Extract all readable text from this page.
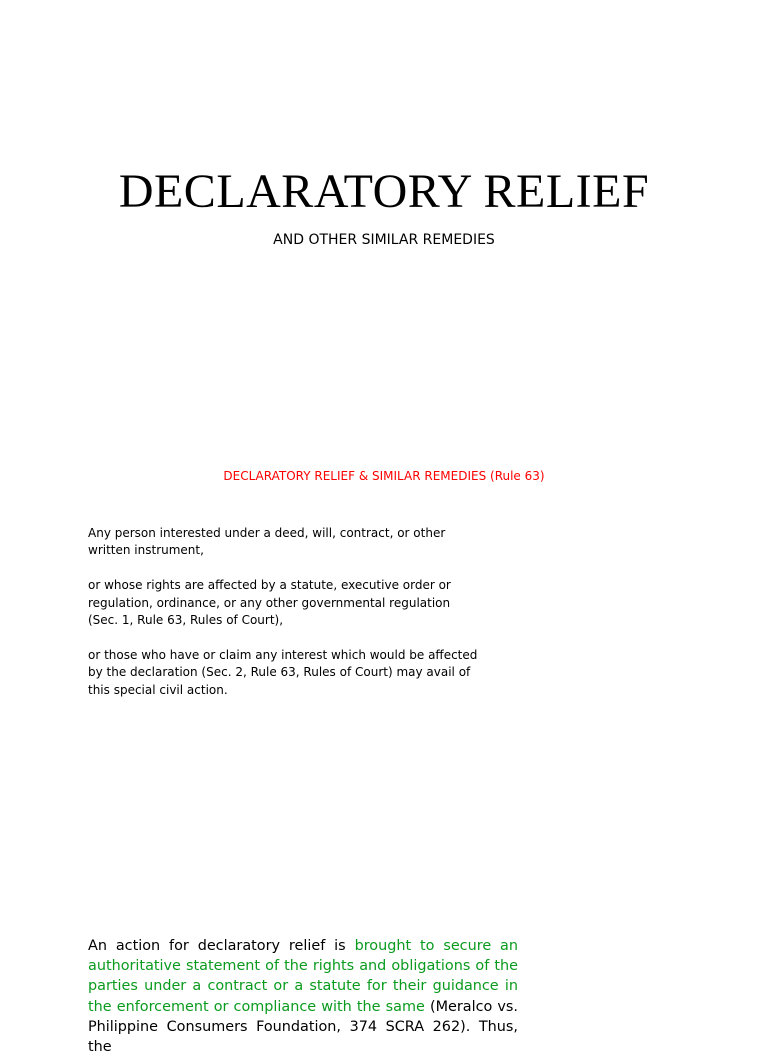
DECLARATORY RELIEF
AND OTHER SIMILAR REMEDIES
DECLARATORY RELIEF & SIMILAR REMEDIES (Rule 63)

Any person interested under a deed, will, contract, or other written instrument,

or whose rights are affected by a statute, executive order or regulation, ordinance, or any other governmental regulation (Sec. 1, Rule 63, Rules of Court),

or those who have or claim any interest which would be affected by the declaration (Sec. 2, Rule 63, Rules of Court) may avail of this special civil action.

An action for declaratory relief is brought to secure an authoritative statement of the rights and obligations of the parties under a contract or a statute for their guidance in the enforcement or compliance with the same (Meralco vs. Philippine Consumers Foundation, 374 SCRA 262). Thus, the
